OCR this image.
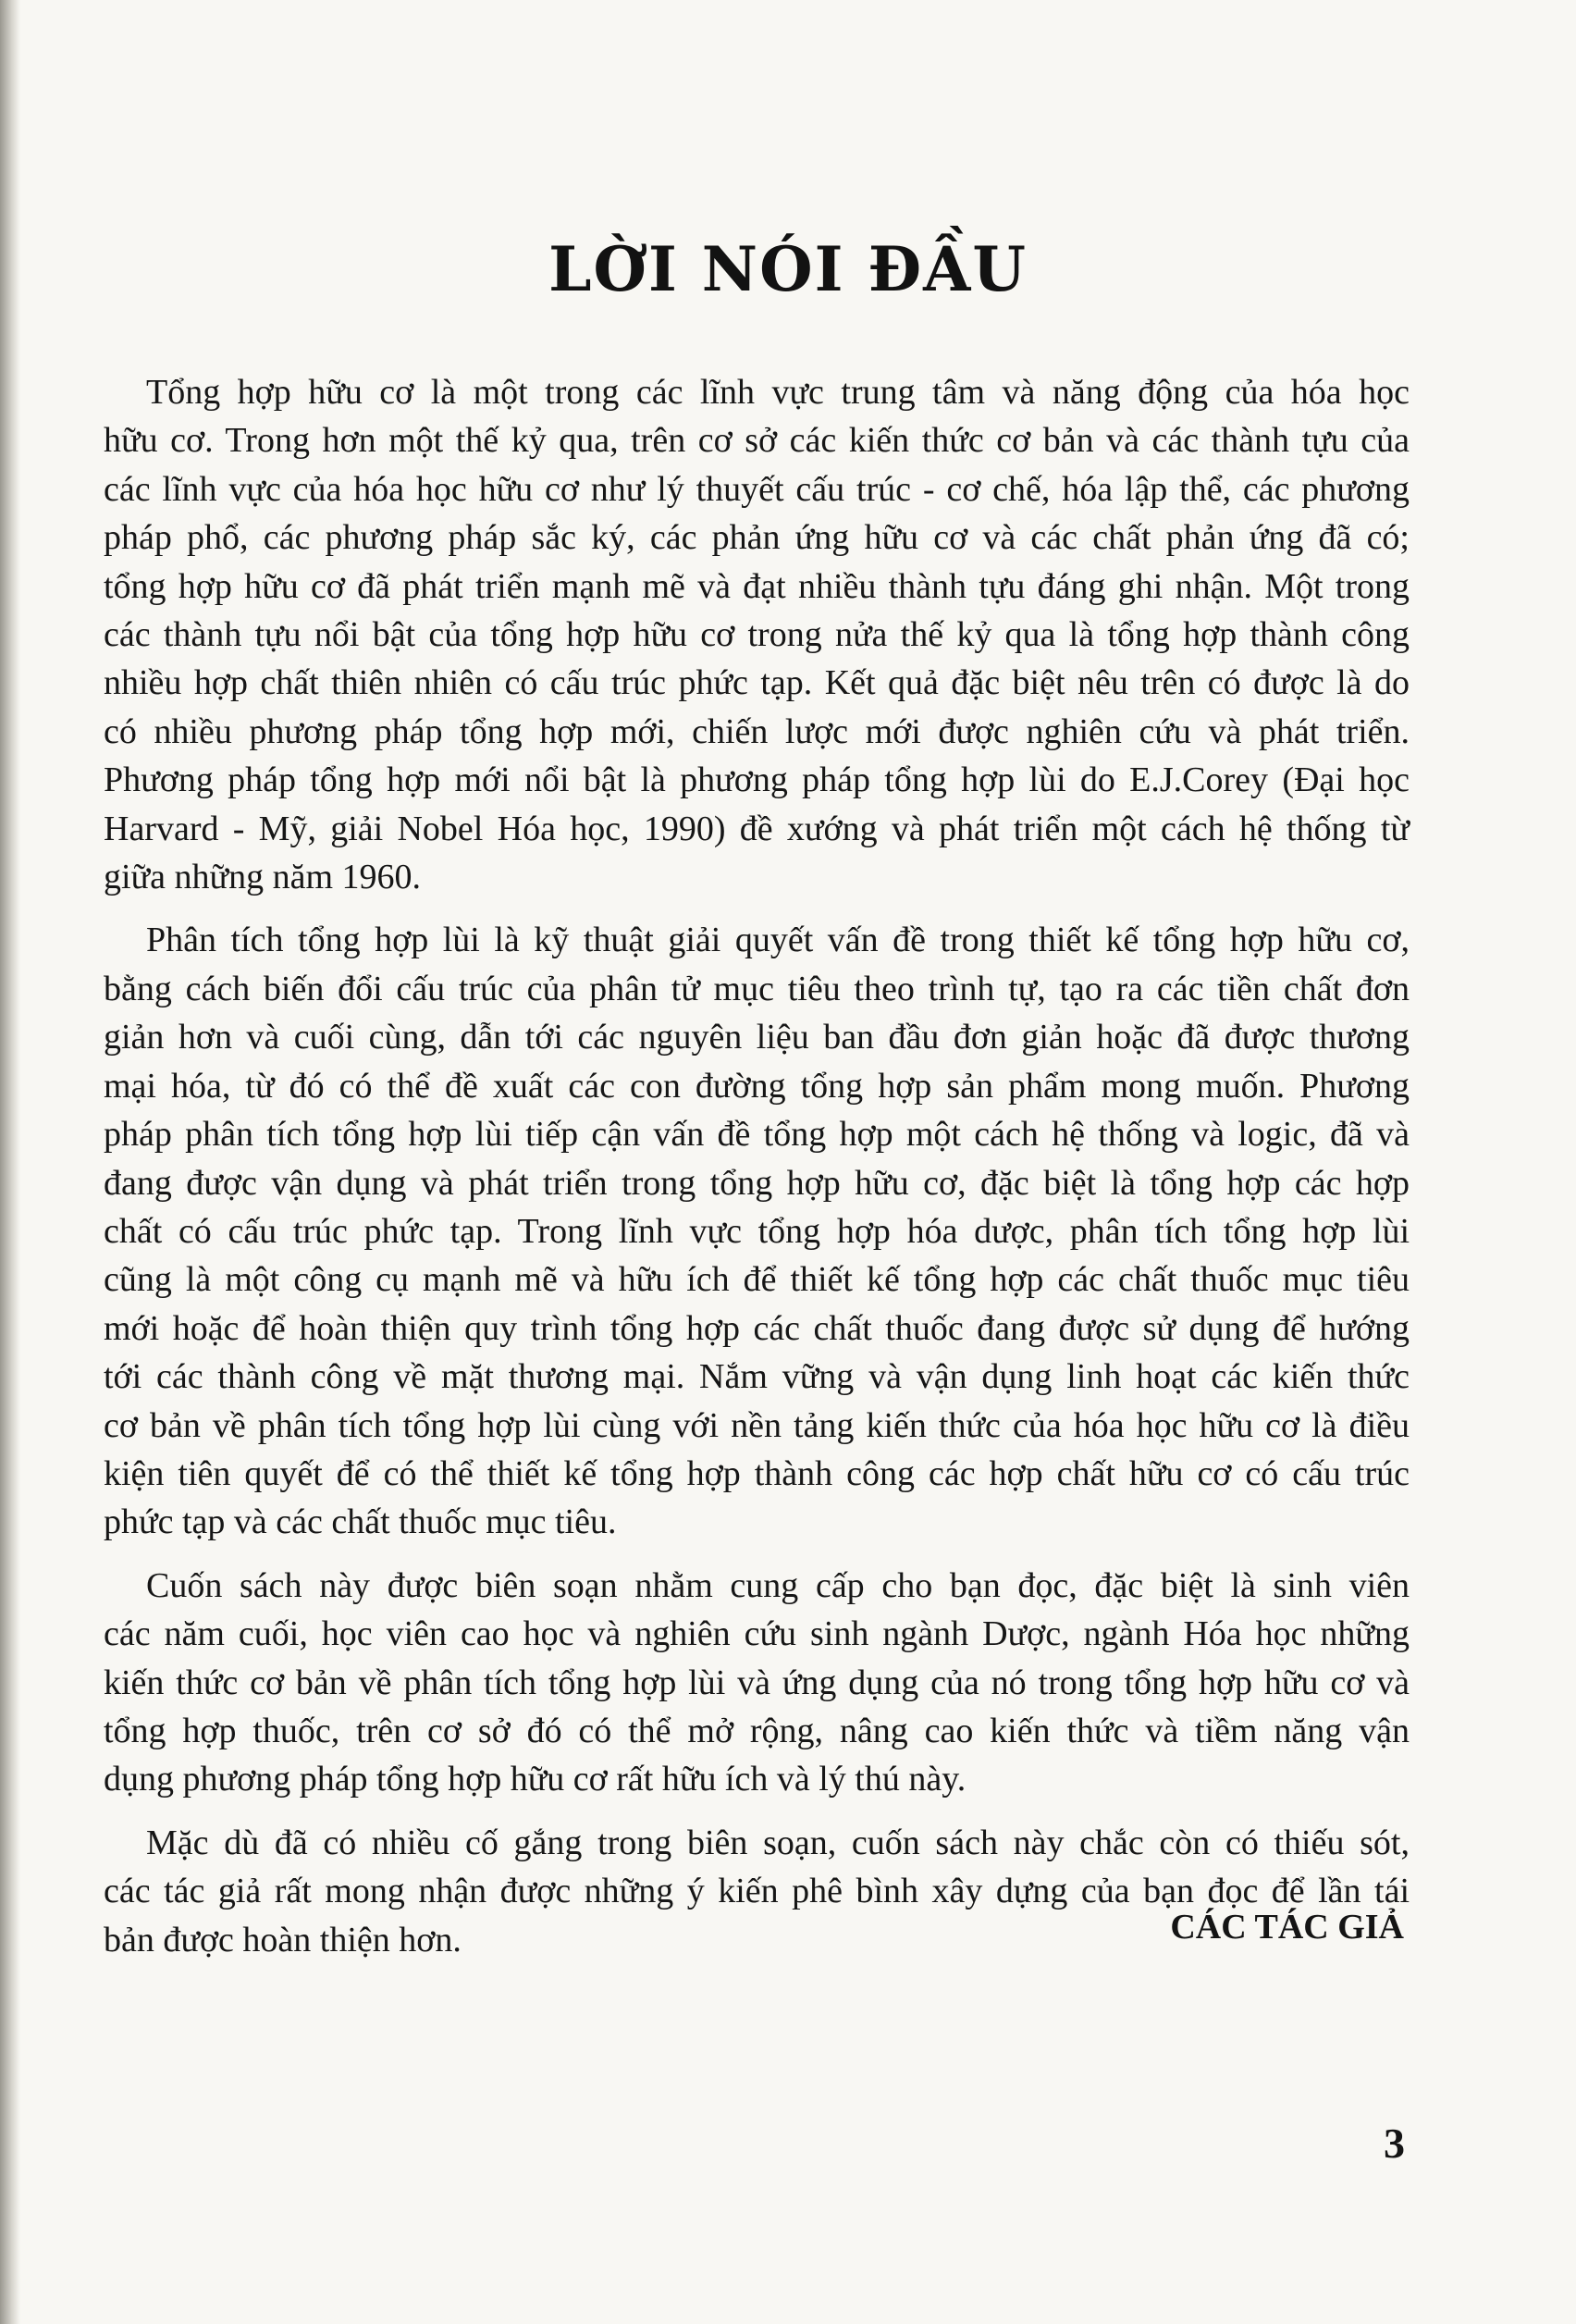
LỜI NÓI ĐẦU

Tổng hợp hữu cơ là một trong các lĩnh vực trung tâm và năng động của hóa học
hữu cơ. Trong hơn một thế kỷ qua, trên cơ sở các kiến thức cơ bản và các thành tựu của
các lĩnh vực của hóa học hữu cơ như lý thuyết cấu trúc - cơ chế, hóa lập thể, các phương
pháp phổ, các phương pháp sắc ký, các phản ứng hữu cơ và các chất phản ứng đã có;
tổng hợp hữu cơ đã phát triển mạnh mẽ và đạt nhiều thành tựu đáng ghi nhận. Một trong
các thành tựu nổi bật của tổng hợp hữu cơ trong nửa thế kỷ qua là tổng hợp thành công
nhiều hợp chất thiên nhiên có cấu trúc phức tạp. Kết quả đặc biệt nêu trên có được là do
có nhiều phương pháp tổng hợp mới, chiến lược mới được nghiên cứu và phát triển.
Phương pháp tổng hợp mới nổi bật là phương pháp tổng hợp lùi do E.J.Corey (Đại học
Harvard - Mỹ, giải Nobel Hóa học, 1990) đề xướng và phát triển một cách hệ thống từ
giữa những năm 1960.

Phân tích tổng hợp lùi là kỹ thuật giải quyết vấn đề trong thiết kế tổng hợp hữu cơ,
bằng cách biến đổi cấu trúc của phân tử mục tiêu theo trình tự, tạo ra các tiền chất đơn
giản hơn và cuối cùng, dẫn tới các nguyên liệu ban đầu đơn giản hoặc đã được thương
mại hóa, từ đó có thể đề xuất các con đường tổng hợp sản phẩm mong muốn. Phương
pháp phân tích tổng hợp lùi tiếp cận vấn đề tổng hợp một cách hệ thống và logic, đã và
đang được vận dụng và phát triển trong tổng hợp hữu cơ, đặc biệt là tổng hợp các hợp
chất có cấu trúc phức tạp. Trong lĩnh vực tổng hợp hóa dược, phân tích tổng hợp lùi
cũng là một công cụ mạnh mẽ và hữu ích để thiết kế tổng hợp các chất thuốc mục tiêu
mới hoặc để hoàn thiện quy trình tổng hợp các chất thuốc đang được sử dụng để hướng
tới các thành công về mặt thương mại. Nắm vững và vận dụng linh hoạt các kiến thức
cơ bản về phân tích tổng hợp lùi cùng với nền tảng kiến thức của hóa học hữu cơ là điều
kiện tiên quyết để có thể thiết kế tổng hợp thành công các hợp chất hữu cơ có cấu trúc
phức tạp và các chất thuốc mục tiêu.

Cuốn sách này được biên soạn nhằm cung cấp cho bạn đọc, đặc biệt là sinh viên
các năm cuối, học viên cao học và nghiên cứu sinh ngành Dược, ngành Hóa học những
kiến thức cơ bản về phân tích tổng hợp lùi và ứng dụng của nó trong tổng hợp hữu cơ và
tổng hợp thuốc, trên cơ sở đó có thể mở rộng, nâng cao kiến thức và tiềm năng vận
dụng phương pháp tổng hợp hữu cơ rất hữu ích và lý thú này.

Mặc dù đã có nhiều cố gắng trong biên soạn, cuốn sách này chắc còn có thiếu sót,
các tác giả rất mong nhận được những ý kiến phê bình xây dựng của bạn đọc để lần tái
bản được hoàn thiện hơn.	CÁC TÁC GIẢ
3
